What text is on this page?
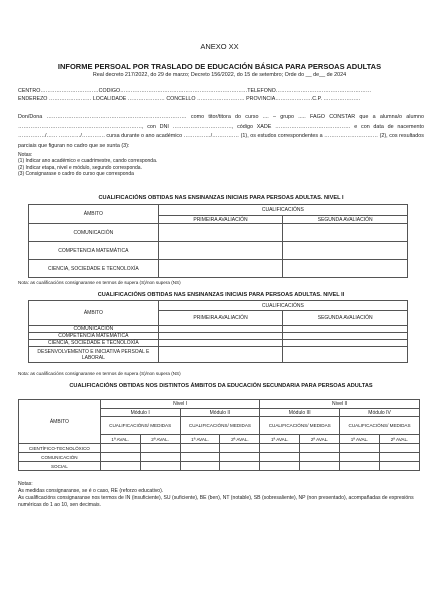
ANEXO XX
INFORME PERSOAL POR TRASLADO DE EDUCACIÓN BÁSICA PARA PERSOAS ADULTAS
Real decreto 217/2022, do 29 de marzo; Decreto 156/2022, do 15 de setembro; Orde do __ de__ de 2024
CENTRO……………………………CÓDIGO………………………………………………………………TELÉFONO………………………………………………
ENDEREZO …………………… LOCALIDADE ………………… CONCELLO ……………………… PROVINCIA…………………C.P. …………………
Don/Dona …………………………………………………………………… como titor/titora do curso .... – grupo ..... FAGO CONSTAR que a alumna/o alumno ……………………………………………………………, con DNI ……………………………, código XADE …………………………………… e con data de nacemento ……………/…… …………/…………. cursa durante o ano académico ……………/…………… (1), os estudos correspondentes a ………………………… (2), cos resultados parciais que figuran no cadro que se xunta (3):
Notas:
(1) Indicar ano académico e cuadrimestre, cando corresponda.
(2) Indicar etapa, nivel e módulo, segundo corresponda.
(3) Consignarase o cadro do curso que corresponda
CUALIFICACIÓNS OBTIDAS NAS ENSINANZAS INICIAIS PARA PERSOAS ADULTAS. NIVEL I
ÁMBITO	CUALIFICACIÓNS	
	PRIMEIRA AVALIACIÓN	SEGUNDA AVALIACIÓN
COMUNICACIÓN		
COMPETENCIA MATEMÁTICA		
CIENCIA, SOCIEDADE E TECNOLOXÍA		
Nota: as cualificacións consignaranse en termos de supera (S)/non supera (NS)
CUALIFICACIÓNS OBTIDAS NAS ENSINANZAS INICIAIS PARA PERSOAS ADULTAS. NIVEL II
ÁMBITO	CUALIFICACIÓNS	
	PRIMEIRA AVALIACIÓN	SEGUNDA AVALIACIÓN
COMUNICACIÓN		
COMPETENCIA MATEMÁTICA		
CIENCIA, SOCIEDADE E TECNOLOXÍA		
DESENVOLVEMENTO E INICIATIVA PERSOAL E LABORAL		
Nota: as cualificacións consignaranse en termos de supera (S)/non supera (NS)
CUALIFICACIÓNS OBTIDAS NOS DISTINTOS ÁMBITOS DA EDUCACIÓN SECUNDARIA PARA PERSOAS ADULTAS
ÁMBITO	Nivel I				Nivel II			
	Módulo I		Módulo II		Módulo III		Módulo IV	
	CUALIFICACIÓNS/ MEDIDAS		CUALIFICACIÓNS/ MEDIDAS		CUALIFICACIÓNS/ MEDIDAS		CUALIFICACIÓNS/ MEDIDAS	
	1ª AVAL.	2ª AVAL.	1ª AVAL.	2ª AVAL.	1ª AVAL.	2ª AVAL.	1ª AVAL.	2ª AVAL.
CIENTÍFICO-TECNOLÓXICO								
COMUNICACIÓN								
SOCIAL								
Notas:
As medidas consignaranse, se é o caso, RE (reforzo educativo).
As cualificacións consignaranse nos termos de IN (insuficiente), SU (suficiente), BE (ben), NT (notable), SB (sobresaliente), NP (non presentado), acompañadas de expresións numéricas do 1 ao 10, sen decimais.
